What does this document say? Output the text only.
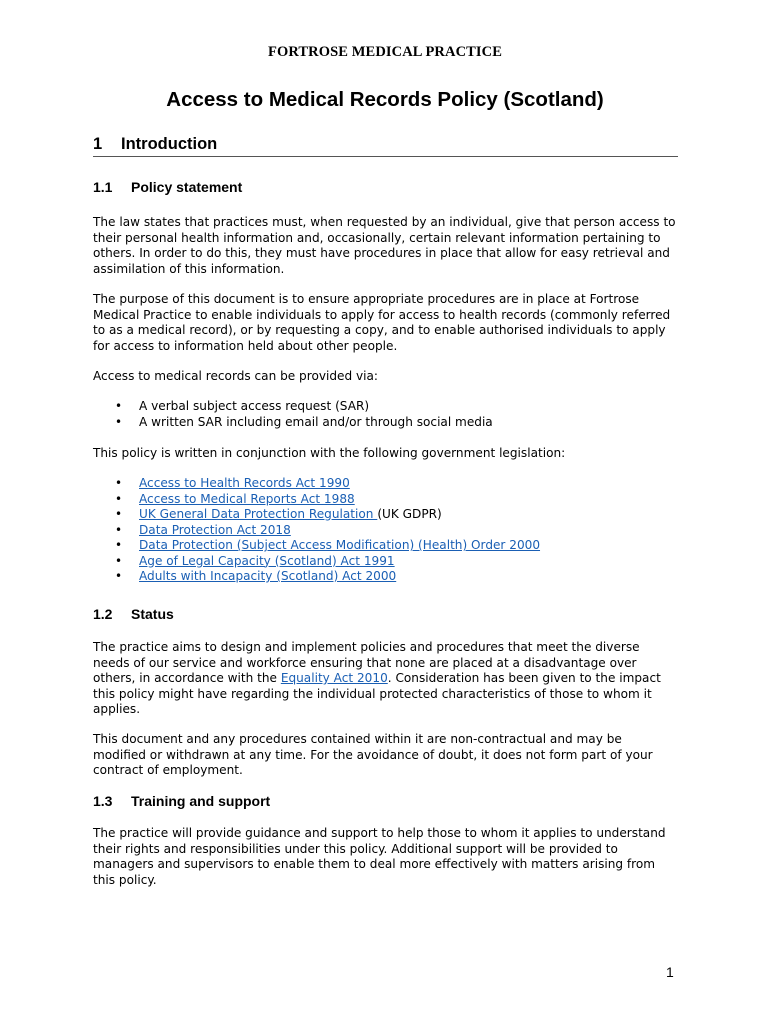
FORTROSE MEDICAL PRACTICE
Access to Medical Records Policy (Scotland)
1 Introduction
1.1 Policy statement

The law states that practices must, when requested by an individual, give that person access to their personal health information and, occasionally, certain relevant information pertaining to others. In order to do this, they must have procedures in place that allow for easy retrieval and assimilation of this information.

The purpose of this document is to ensure appropriate procedures are in place at Fortrose Medical Practice to enable individuals to apply for access to health records (commonly referred to as a medical record), or by requesting a copy, and to enable authorised individuals to apply for access to information held about other people.

Access to medical records can be provided via:

• A verbal subject access request (SAR)
• A written SAR including email and/or through social media

This policy is written in conjunction with the following government legislation:

• Access to Health Records Act 1990
• Access to Medical Reports Act 1988
• UK General Data Protection Regulation (UK GDPR)
• Data Protection Act 2018
• Data Protection (Subject Access Modification) (Health) Order 2000
• Age of Legal Capacity (Scotland) Act 1991
• Adults with Incapacity (Scotland) Act 2000
1.2 Status

The practice aims to design and implement policies and procedures that meet the diverse needs of our service and workforce ensuring that none are placed at a disadvantage over others, in accordance with the Equality Act 2010. Consideration has been given to the impact this policy might have regarding the individual protected characteristics of those to whom it applies.

This document and any procedures contained within it are non-contractual and may be modified or withdrawn at any time. For the avoidance of doubt, it does not form part of your contract of employment.

1.3 Training and support

The practice will provide guidance and support to help those to whom it applies to understand their rights and responsibilities under this policy. Additional support will be provided to managers and supervisors to enable them to deal more effectively with matters arising from this policy.

1
